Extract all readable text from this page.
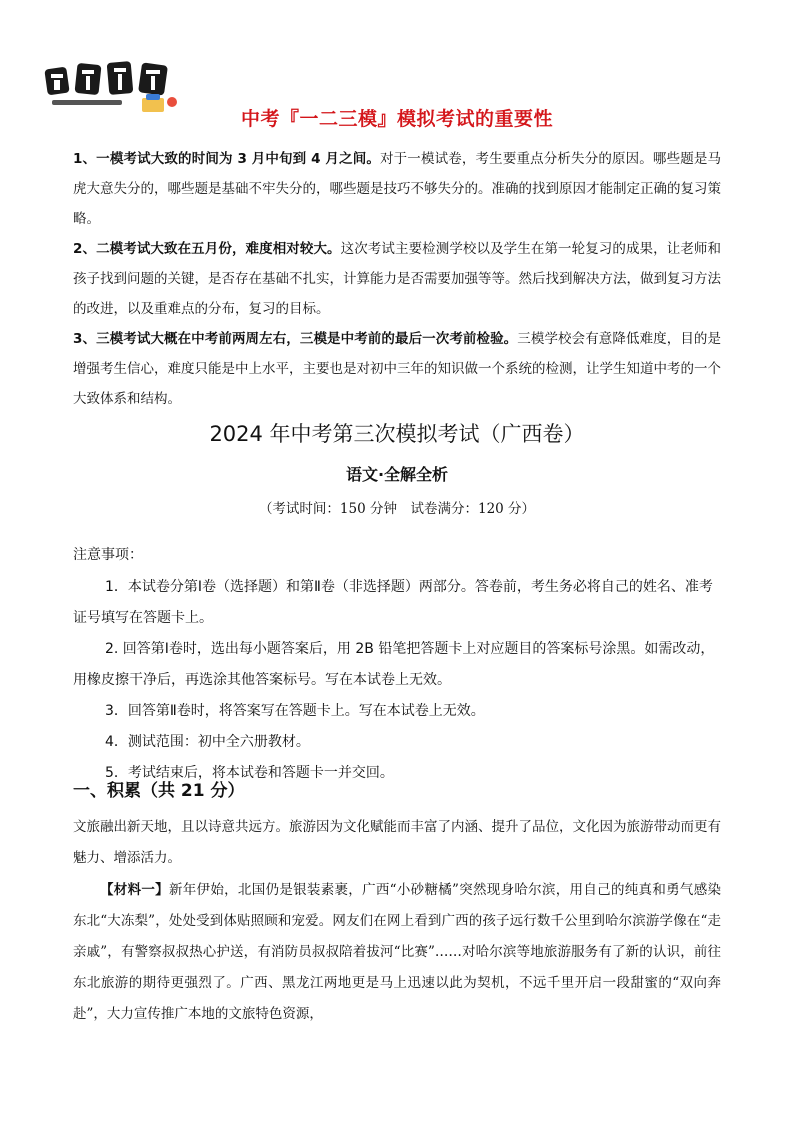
备战中考	中考『一二三模』模拟考试的重要性

1、一模考试大致的时间为 3 月中旬到 4 月之间。对于一模试卷，考生要重点分析失分的原因。哪些题是马虎大意失分的，哪些题是基础不牢失分的，哪些题是技巧不够失分的。准确的找到原因才能制定正确的复习策略。

2、二模考试大致在五月份，难度相对较大。这次考试主要检测学校以及学生在第一轮复习的成果，让老师和孩子找到问题的关键，是否存在基础不扎实，计算能力是否需要加强等等。然后找到解决方法，做到复习方法的改进，以及重难点的分布，复习的目标。

3、三模考试大概在中考前两周左右，三模是中考前的最后一次考前检验。三模学校会有意降低难度，目的是增强考生信心，难度只能是中上水平，主要也是对初中三年的知识做一个系统的检测，让学生知道中考的一个大致体系和结构。

2024 年中考第三次模拟考试（广西卷）
语文·全解全析
（考试时间：150 分钟　试卷满分：120 分）
注意事项：

1．本试卷分第Ⅰ卷（选择题）和第Ⅱ卷（非选择题）两部分。答卷前，考生务必将自己的姓名、准考证号填写在答题卡上。

2. 回答第Ⅰ卷时，选出每小题答案后，用 2B 铅笔把答题卡上对应题目的答案标号涂黑。如需改动，用橡皮擦干净后，再选涂其他答案标号。写在本试卷上无效。

3．回答第Ⅱ卷时，将答案写在答题卡上。写在本试卷上无效。

4．测试范围：初中全六册教材。

5．考试结束后，将本试卷和答题卡一并交回。

一、积累（共 21 分）
文旅融出新天地，且以诗意共远方。旅游因为文化赋能而丰富了内涵、提升了品位，文化因为旅游带动而更有魅力、增添活力。

【材料一】新年伊始，北国仍是银装素裹，广西“小砂糖橘”突然现身哈尔滨，用自己的纯真和勇气感染东北“大冻梨”，处处受到体贴照顾和宠爱。网友们在网上看到广西的孩子远行数千公里到哈尔滨游学像在“走亲戚”，有警察叔叔热心护送，有消防员叔叔陪着拔河“比赛”……对哈尔滨等地旅游服务有了新的认识，前往东北旅游的期待更强烈了。广西、黑龙江两地更是马上迅速以此为契机，不远千里开启一段甜蜜的“双向奔赴”，大力宣传推广本地的文旅特色资源，
